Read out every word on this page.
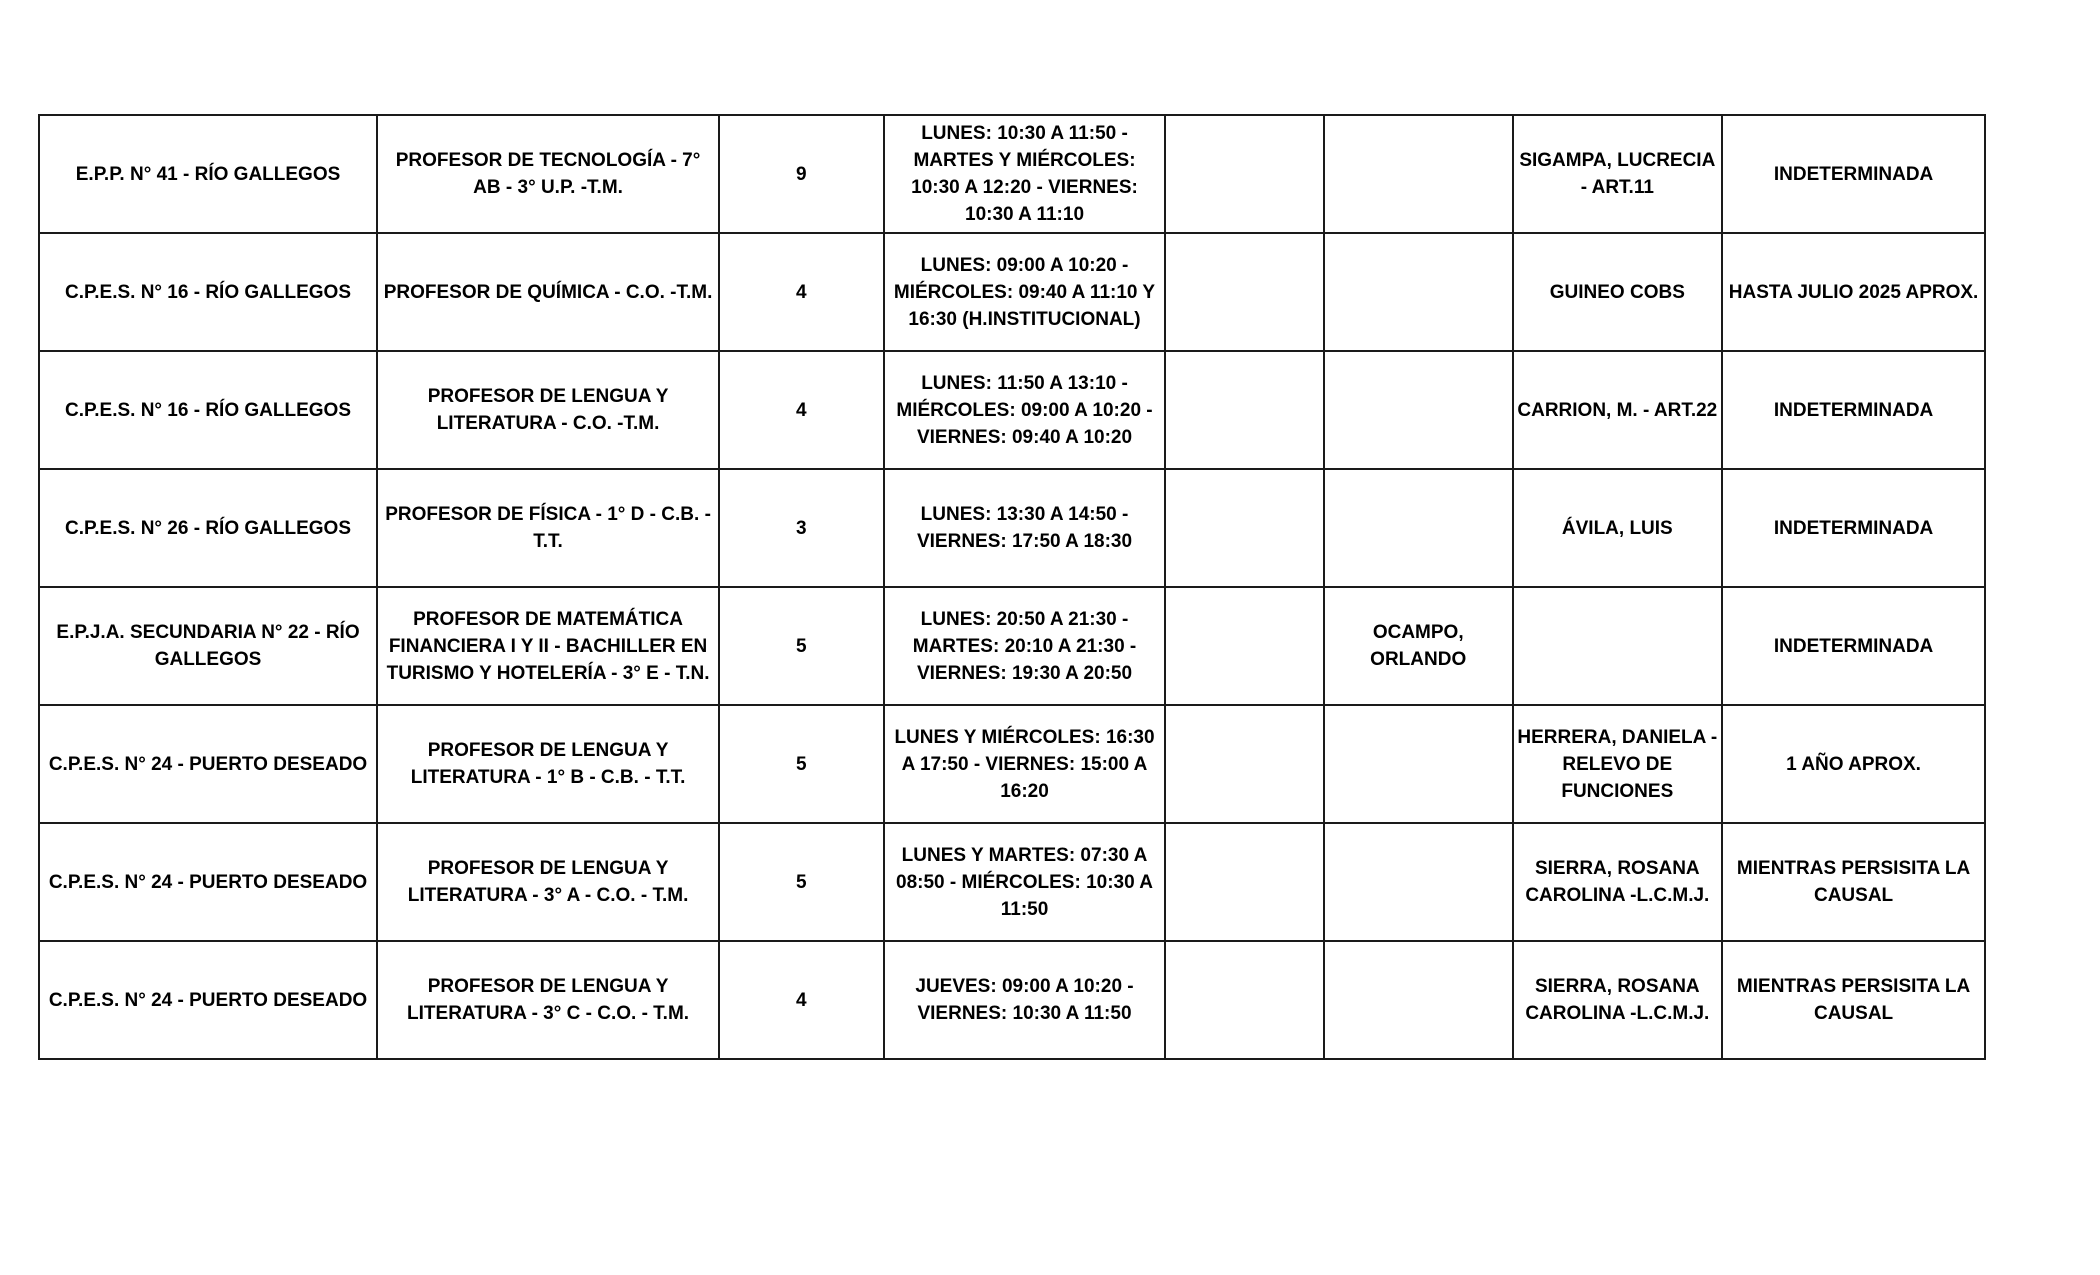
E.P.P. N° 41 - RÍO GALLEGOS	PROFESOR DE TECNOLOGÍA - 7° AB - 3° U.P. -T.M.	9	LUNES: 10:30 A 11:50 - MARTES Y MIÉRCOLES: 10:30 A 12:20 - VIERNES: 10:30 A 11:10			SIGAMPA, LUCRECIA - ART.11	INDETERMINADA
C.P.E.S. N° 16 - RÍO GALLEGOS	PROFESOR DE QUÍMICA - C.O. -T.M.	4	LUNES: 09:00 A 10:20 - MIÉRCOLES: 09:40 A 11:10 Y 16:30 (H.INSTITUCIONAL)			GUINEO COBS	HASTA JULIO 2025 APROX.
C.P.E.S. N° 16 - RÍO GALLEGOS	PROFESOR DE LENGUA Y LITERATURA - C.O. -T.M.	4	LUNES: 11:50 A 13:10 - MIÉRCOLES: 09:00 A 10:20 - VIERNES: 09:40 A 10:20			CARRION, M. - ART.22	INDETERMINADA
C.P.E.S. N° 26 - RÍO GALLEGOS	PROFESOR DE FÍSICA - 1° D - C.B. - T.T.	3	LUNES: 13:30 A 14:50 - VIERNES: 17:50 A 18:30			ÁVILA, LUIS	INDETERMINADA
E.P.J.A. SECUNDARIA N° 22 - RÍO GALLEGOS	PROFESOR DE MATEMÁTICA FINANCIERA I Y II - BACHILLER EN TURISMO Y HOTELERÍA - 3° E - T.N.	5	LUNES: 20:50 A 21:30 - MARTES: 20:10 A 21:30 - VIERNES: 19:30 A 20:50		OCAMPO, ORLANDO		INDETERMINADA
C.P.E.S. N° 24 - PUERTO DESEADO	PROFESOR DE LENGUA Y LITERATURA - 1° B - C.B. - T.T.	5	LUNES Y MIÉRCOLES: 16:30 A 17:50 - VIERNES: 15:00 A 16:20			HERRERA, DANIELA - RELEVO DE FUNCIONES	1 AÑO APROX.
C.P.E.S. N° 24 - PUERTO DESEADO	PROFESOR DE LENGUA Y LITERATURA - 3° A - C.O. - T.M.	5	LUNES Y MARTES: 07:30 A 08:50 - MIÉRCOLES: 10:30 A 11:50			SIERRA, ROSANA CAROLINA -L.C.M.J.	MIENTRAS PERSISITA LA CAUSAL
C.P.E.S. N° 24 - PUERTO DESEADO	PROFESOR DE LENGUA Y LITERATURA - 3° C - C.O. - T.M.	4	JUEVES: 09:00 A 10:20 - VIERNES: 10:30 A 11:50			SIERRA, ROSANA CAROLINA -L.C.M.J.	MIENTRAS PERSISITA LA CAUSAL
